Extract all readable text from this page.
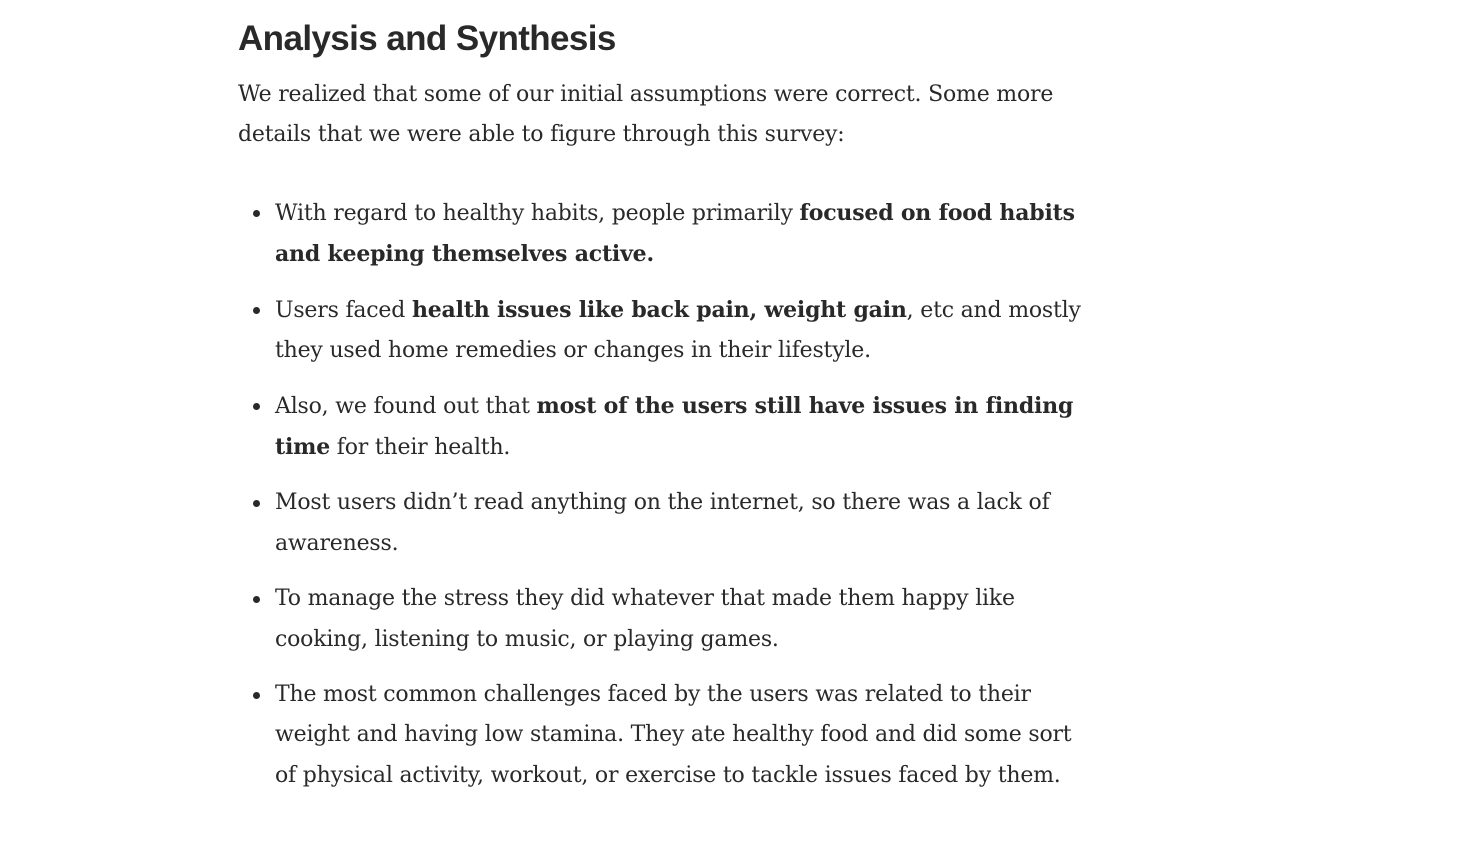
Analysis and Synthesis

We realized that some of our initial assumptions were correct. Some more details that we were able to figure through this survey:

With regard to healthy habits, people primarily focused on food habits and keeping themselves active.
Users faced health issues like back pain, weight gain, etc and mostly they used home remedies or changes in their lifestyle.
Also, we found out that most of the users still have issues in finding time for their health.
Most users didn’t read anything on the internet, so there was a lack of awareness.
To manage the stress they did whatever that made them happy like cooking, listening to music, or playing games.
The most common challenges faced by the users was related to their weight and having low stamina. They ate healthy food and did some sort of physical activity, workout, or exercise to tackle issues faced by them.
